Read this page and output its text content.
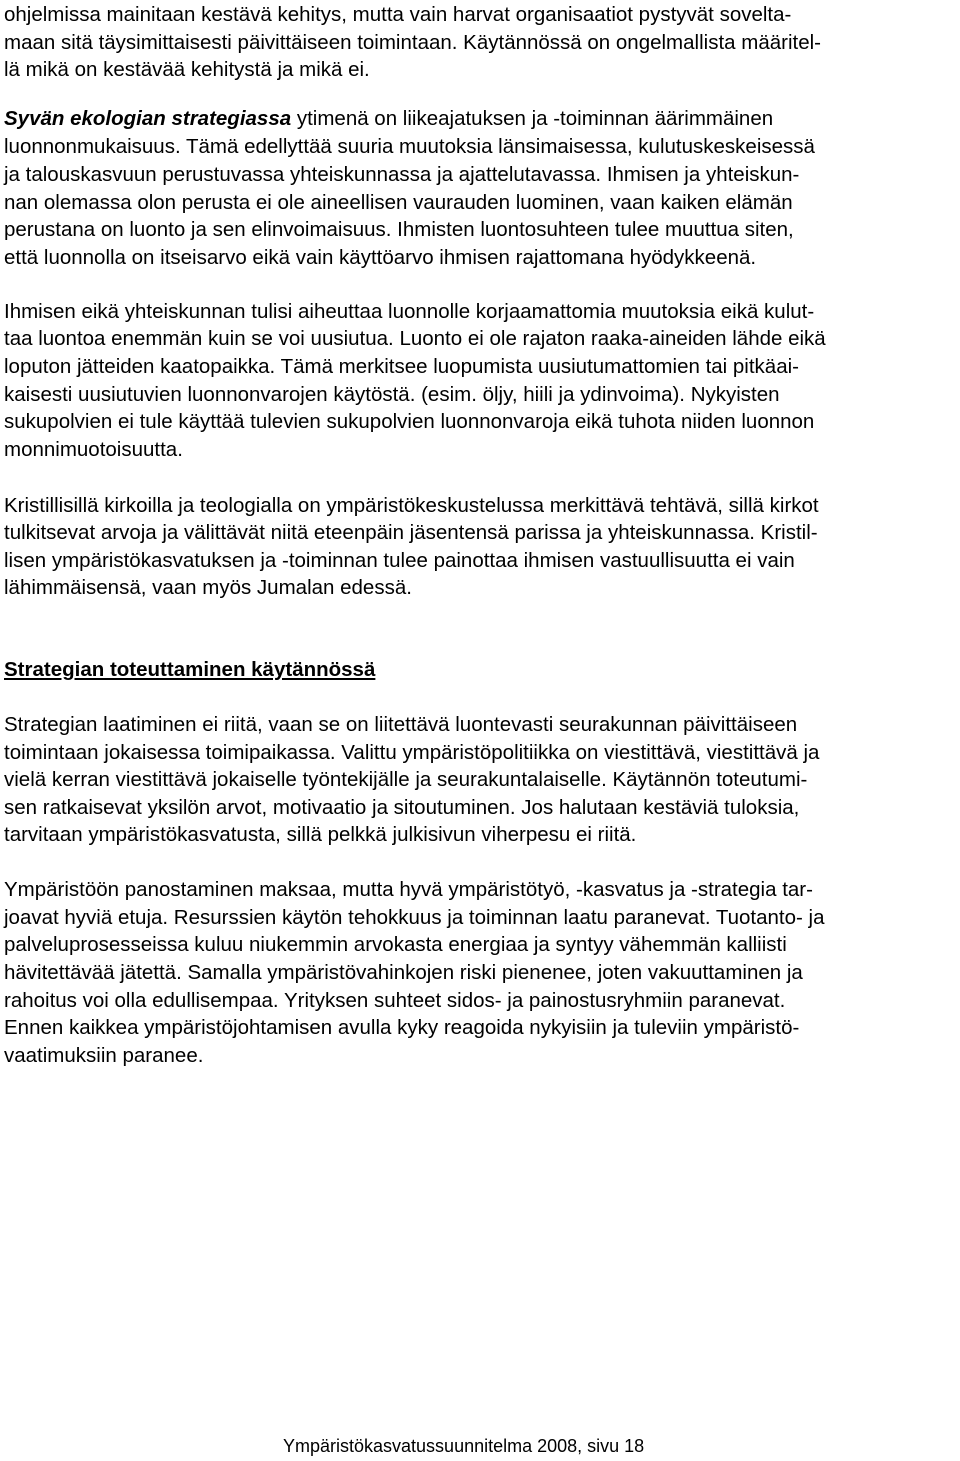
ohjelmissa mainitaan kestävä kehitys, mutta vain harvat organisaatiot pystyvät sovelta-

maan sitä täysimittaisesti päivittäiseen toimintaan. Käytännössä on ongelmallista määritel-

lä mikä on kestävää kehitystä ja mikä ei.

Syvän ekologian strategiassa ytimenä on liikeajatuksen ja -toiminnan äärimmäinen

luonnonmukaisuus. Tämä edellyttää suuria muutoksia länsimaisessa, kulutuskeskeisessä

ja talouskasvuun perustuvassa yhteiskunnassa ja ajattelutavassa. Ihmisen ja yhteiskun-

nan olemassa olon perusta ei ole aineellisen vaurauden luominen, vaan kaiken elämän

perustana on luonto ja sen elinvoimaisuus. Ihmisten luontosuhteen tulee muuttua siten,

että luonnolla on itseisarvo eikä vain käyttöarvo ihmisen rajattomana hyödykkeenä.

Ihmisen eikä yhteiskunnan tulisi aiheuttaa luonnolle korjaamattomia muutoksia eikä kulut-

taa luontoa enemmän kuin se voi uusiutua. Luonto ei ole rajaton raaka-aineiden lähde eikä

loputon jätteiden kaatopaikka. Tämä merkitsee luopumista uusiutumattomien tai pitkäai-

kaisesti uusiutuvien luonnonvarojen käytöstä. (esim. öljy, hiili ja ydinvoima). Nykyisten

sukupolvien ei tule käyttää tulevien sukupolvien luonnonvaroja eikä tuhota niiden luonnon

monnimuotoisuutta.

Kristillisillä kirkoilla ja teologialla on ympäristökeskustelussa merkittävä tehtävä, sillä kirkot

tulkitsevat arvoja ja välittävät niitä eteenpäin jäsentensä parissa ja yhteiskunnassa. Kristil-

lisen ympäristökasvatuksen ja -toiminnan tulee painottaa ihmisen vastuullisuutta ei vain

lähimmäisensä, vaan myös Jumalan edessä.

Strategian toteuttaminen käytännössä

Strategian laatiminen ei riitä, vaan se on liitettävä luontevasti seurakunnan päivittäiseen

toimintaan jokaisessa toimipaikassa. Valittu ympäristöpolitiikka on viestittävä, viestittävä ja

vielä kerran viestittävä jokaiselle työntekijälle ja seurakuntalaiselle. Käytännön toteutumi-

sen ratkaisevat yksilön arvot, motivaatio ja sitoutuminen. Jos halutaan kestäviä tuloksia,

tarvitaan ympäristökasvatusta, sillä pelkkä julkisivun viherpesu ei riitä.

Ympäristöön panostaminen maksaa, mutta hyvä ympäristötyö, -kasvatus ja -strategia tar-

joavat hyviä etuja. Resurssien käytön tehokkuus ja toiminnan laatu paranevat. Tuotanto- ja

palveluprosesseissa kuluu niukemmin arvokasta energiaa ja syntyy vähemmän kalliisti

hävitettävää jätettä. Samalla ympäristövahinkojen riski pienenee, joten vakuuttaminen ja

rahoitus voi olla edullisempaa. Yrityksen suhteet sidos- ja painostusryhmiin paranevat.

Ennen kaikkea ympäristöjohtamisen avulla kyky reagoida nykyisiin ja tuleviin ympäristö-

vaatimuksiin paranee.

Ympäristökasvatussuunnitelma 2008, sivu 18
